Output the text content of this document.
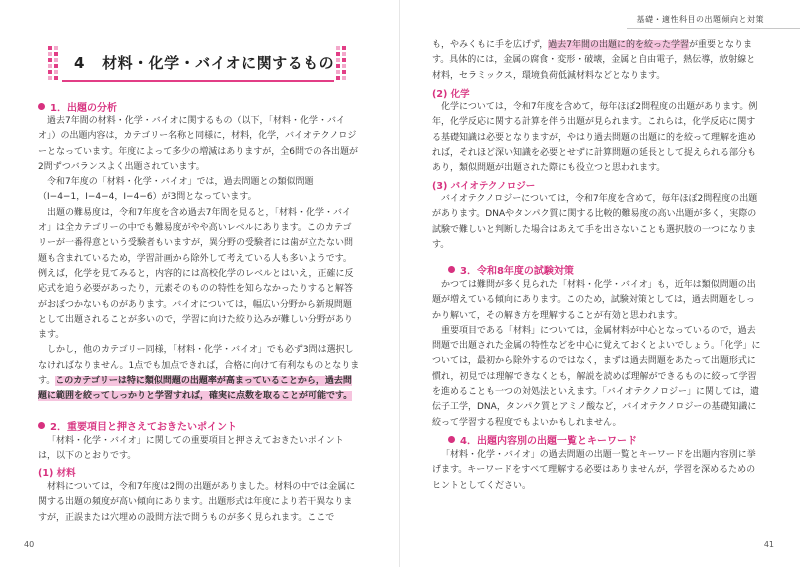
4 材料・化学・バイオに関するもの
1．出題の分析

過去7年間の材料・化学・バイオに関するもの（以下，「材料・化学・バイオ」）の出題内容は，カテゴリー名称と同様に，材料，化学，バイオテクノロジーとなっています。年度によって多少の増減はありますが，全6問での各出題が2問ずつバランスよく出題されています。

令和7年度の「材料・化学・バイオ」では，過去問題との類似問題（Ⅰ−4−1，Ⅰ−4−4，Ⅰ−4−6）が3問となっています。

出題の難易度は，令和7年度を含め過去7年間を見ると，「材料・化学・バイオ」は全カテゴリーの中でも難易度がやや高いレベルにあります。このカテゴリーが一番得意という受験者もいますが，異分野の受験者には歯が立たない問題も含まれているため，学習計画から除外して考えている人も多いようです。例えば，化学を見てみると，内容的には高校化学のレベルとはいえ，正確に反応式を追う必要があったり，元素そのものの特性を知らなかったりすると解答がおぼつかないものがあります。バイオについては，幅広い分野から新規問題として出題されることが多いので，学習に向けた絞り込みが難しい分野があります。

しかし，他のカテゴリー同様，「材料・化学・バイオ」でも必ず3問は選択しなければなりません。1点でも加点できれば，合格に向けて有利なものとなります。このカテゴリーは特に類似問題の出題率が高まっていることから，過去問題に範囲を絞ってしっかりと学習すれば，確実に点数を取ることが可能です。

2．重要項目と押さえておきたいポイント

「材料・化学・バイオ」に関しての重要項目と押さえておきたいポイントは，以下のとおりです。

(1) 材料

材料については，令和7年度は2問の出題がありました。材料の中では金属に関する出題の頻度が高い傾向にあります。出題形式は年度により若干異なりますが，正誤または穴埋めの設問方法で問うものが多く見られます。ここで

40
基礎・適性科目の出題傾向と対策

も，やみくもに手を広げず，過去7年間の出題に的を絞った学習が重要となります。具体的には，金属の腐食・変形・破壊，金属と自由電子，熱伝導，放射線と材料，セラミックス，環境負荷低減材料などとなります。

(2) 化学

化学については，令和7年度を含めて，毎年ほぼ2問程度の出題があります。例年，化学反応に関する計算を伴う出題が見られます。これらは，化学反応に関する基礎知識は必要となりますが，やはり過去問題の出題に的を絞って理解を進めれば，それほど深い知識を必要とせずに計算問題の延長として捉えられる部分もあり，類似問題が出題された際にも役立つと思われます。

(3) バイオテクノロジー

バイオテクノロジーについては，令和7年度を含めて，毎年ほぼ2問程度の出題があります。DNAやタンパク質に関する比較的難易度の高い出題が多く，実際の試験で難しいと判断した場合はあえて手を出さないことも選択肢の一つになります。

3．令和8年度の試験対策

かつては難問が多く見られた「材料・化学・バイオ」も，近年は類似問題の出題が増えている傾向にあります。このため，試験対策としては，過去問題をしっかり解いて，その解き方を理解することが有効と思われます。

重要項目である「材料」については，金属材料が中心となっているので，過去問題で出題された金属の特性などを中心に覚えておくとよいでしょう。「化学」については，最初から除外するのではなく，まずは過去問題をあたって出題形式に慣れ，初見では理解できなくとも，解説を読めば理解ができるものに絞って学習を進めることも一つの対処法といえます。「バイオテクノロジー」に関しては，遺伝子工学，DNA，タンパク質とアミノ酸など，バイオテクノロジーの基礎知識に絞って学習する程度でもよいかもしれません。

4．出題内容別の出題一覧とキーワード

「材料・化学・バイオ」の過去問題の出題一覧とキーワードを出題内容別に挙げます。キーワードをすべて理解する必要はありませんが，学習を深めるためのヒントとしてください。

41
